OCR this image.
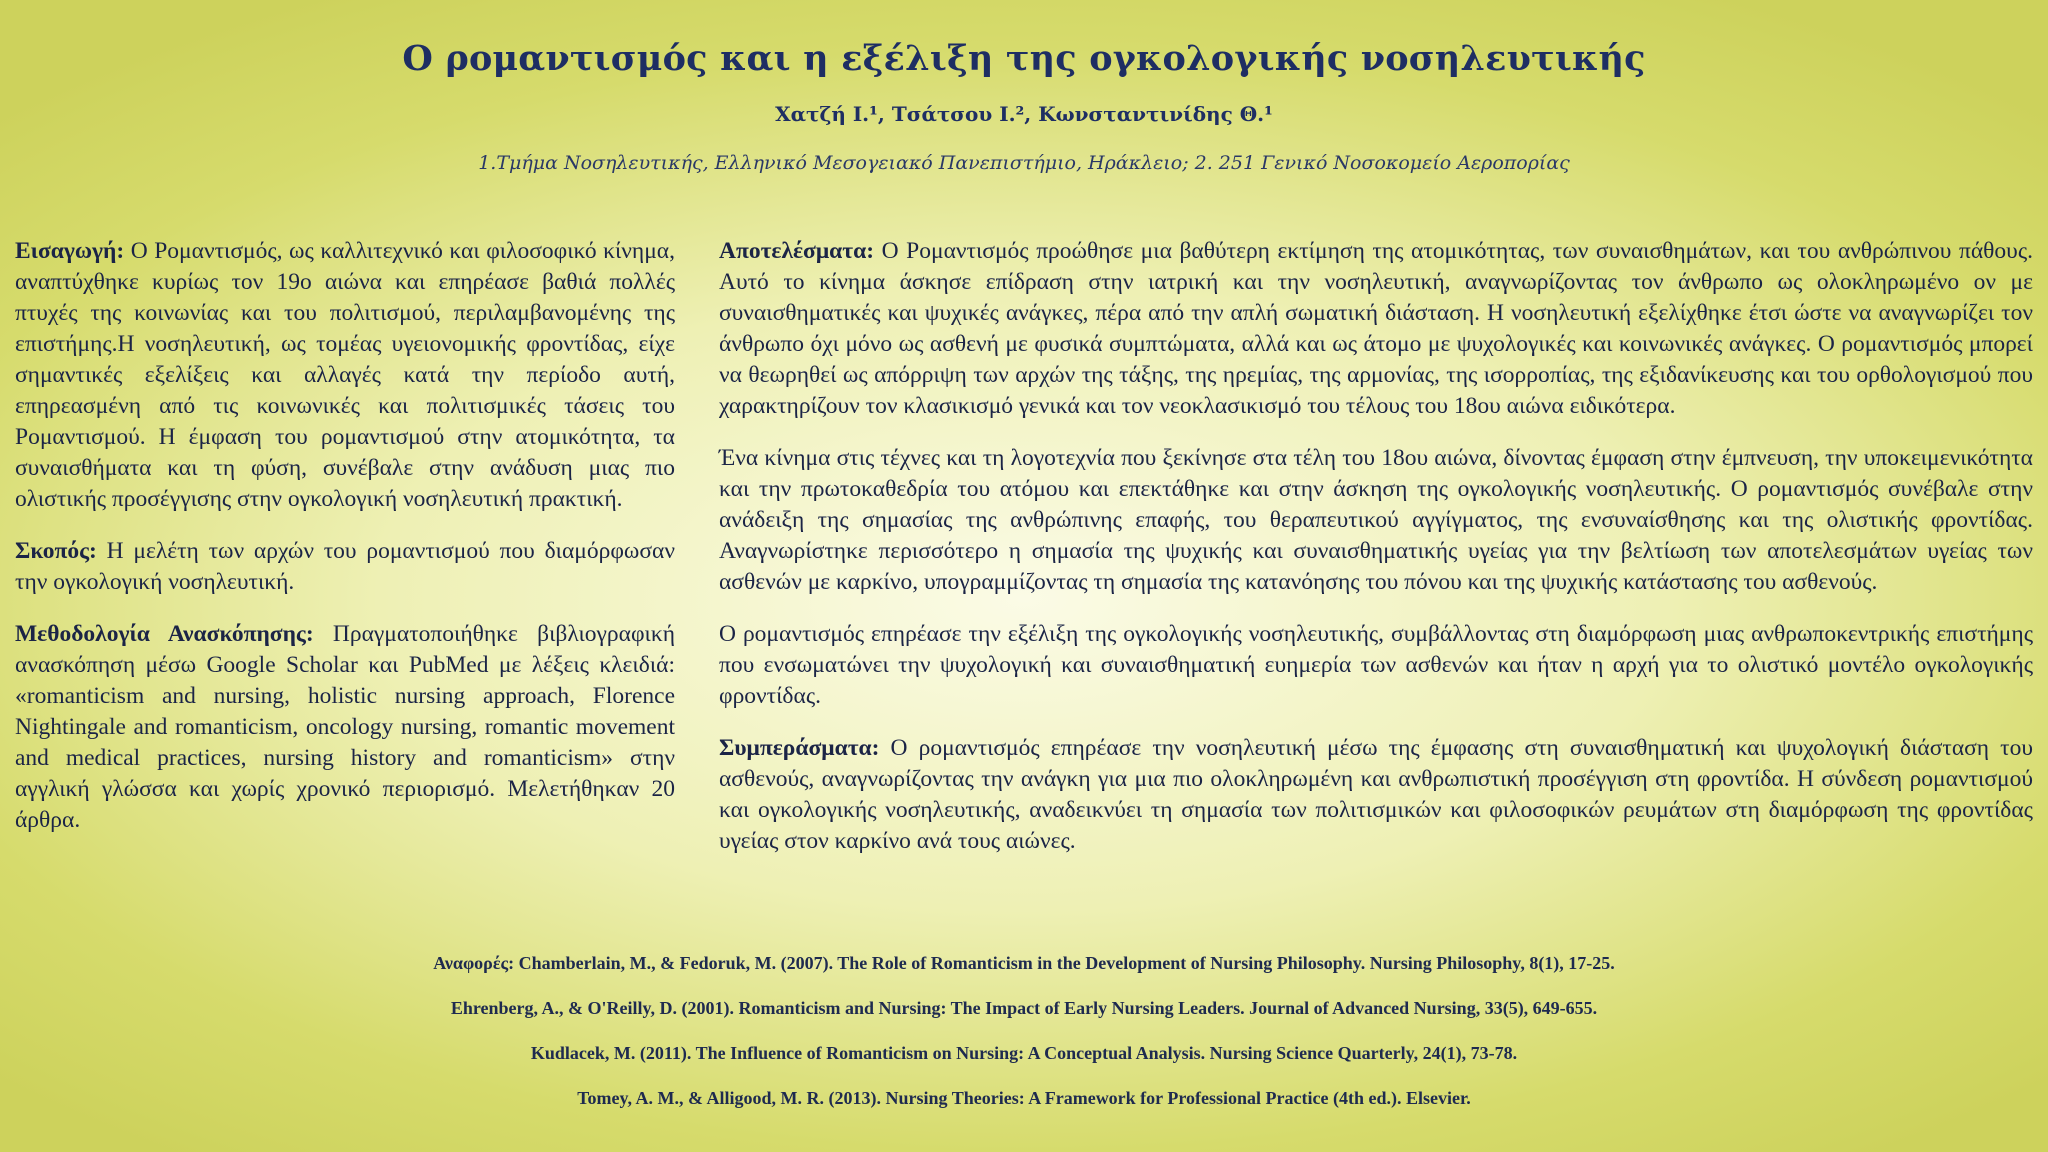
Ο ρομαντισμός και η εξέλιξη της ογκολογικής νοσηλευτικής
Χατζή Ι.¹, Τσάτσου Ι.², Κωνσταντινίδης Θ.¹
1.Τμήμα Νοσηλευτικής, Ελληνικό Μεσογειακό Πανεπιστήμιο, Ηράκλειο; 2. 251 Γενικό Νοσοκομείο Αεροπορίας

Εισαγωγή: Ο Ρομαντισμός, ως καλλιτεχνικό και φιλοσοφικό κίνημα, αναπτύχθηκε κυρίως τον 19ο αιώνα και επηρέασε βαθιά πολλές πτυχές της κοινωνίας και του πολιτισμού, περιλαμβανομένης της επιστήμης.Η νοσηλευτική, ως τομέας υγειονομικής φροντίδας, είχε σημαντικές εξελίξεις και αλλαγές κατά την περίοδο αυτή, επηρεασμένη από τις κοινωνικές και πολιτισμικές τάσεις του Ρομαντισμού. Η έμφαση του ρομαντισμού στην ατομικότητα, τα συναισθήματα και τη φύση, συνέβαλε στην ανάδυση μιας πιο ολιστικής προσέγγισης στην ογκολογική νοσηλευτική πρακτική.

Σκοπός: Η μελέτη των αρχών του ρομαντισμού που διαμόρφωσαν την ογκολογική νοσηλευτική.

Μεθοδολογία Ανασκόπησης: Πραγματοποιήθηκε βιβλιογραφική ανασκόπηση μέσω Google Scholar και PubMed με λέξεις κλειδιά: «romanticism and nursing, holistic nursing approach, Florence Nightingale and romanticism, oncology nursing, romantic movement and medical practices, nursing history and romanticism» στην αγγλική γλώσσα και χωρίς χρονικό περιορισμό. Μελετήθηκαν 20 άρθρα.

Αποτελέσματα: Ο Ρομαντισμός προώθησε μια βαθύτερη εκτίμηση της ατομικότητας, των συναισθημάτων, και του ανθρώπινου πάθους. Αυτό το κίνημα άσκησε επίδραση στην ιατρική και την νοσηλευτική, αναγνωρίζοντας τον άνθρωπο ως ολοκληρωμένο ον με συναισθηματικές και ψυχικές ανάγκες, πέρα από την απλή σωματική διάσταση. Η νοσηλευτική εξελίχθηκε έτσι ώστε να αναγνωρίζει τον άνθρωπο όχι μόνο ως ασθενή με φυσικά συμπτώματα, αλλά και ως άτομο με ψυχολογικές και κοινωνικές ανάγκες. Ο ρομαντισμός μπορεί να θεωρηθεί ως απόρριψη των αρχών της τάξης, της ηρεμίας, της αρμονίας, της ισορροπίας, της εξιδανίκευσης και του ορθολογισμού που χαρακτηρίζουν τον κλασικισμό γενικά και τον νεοκλασικισμό του τέλους του 18ου αιώνα ειδικότερα.

Ένα κίνημα στις τέχνες και τη λογοτεχνία που ξεκίνησε στα τέλη του 18ου αιώνα, δίνοντας έμφαση στην έμπνευση, την υποκειμενικότητα και την πρωτοκαθεδρία του ατόμου και επεκτάθηκε και στην άσκηση της ογκολογικής νοσηλευτικής. Ο ρομαντισμός συνέβαλε στην ανάδειξη της σημασίας της ανθρώπινης επαφής, του θεραπευτικού αγγίγματος, της ενσυναίσθησης και της ολιστικής φροντίδας. Αναγνωρίστηκε περισσότερο η σημασία της ψυχικής και συναισθηματικής υγείας για την βελτίωση των αποτελεσμάτων υγείας των ασθενών με καρκίνο, υπογραμμίζοντας τη σημασία της κατανόησης του πόνου και της ψυχικής κατάστασης του ασθενούς.

Ο ρομαντισμός επηρέασε την εξέλιξη της ογκολογικής νοσηλευτικής, συμβάλλοντας στη διαμόρφωση μιας ανθρωποκεντρικής επιστήμης που ενσωματώνει την ψυχολογική και συναισθηματική ευημερία των ασθενών και ήταν η αρχή για το ολιστικό μοντέλο ογκολογικής φροντίδας.

Συμπεράσματα: Ο ρομαντισμός επηρέασε την νοσηλευτική μέσω της έμφασης στη συναισθηματική και ψυχολογική διάσταση του ασθενούς, αναγνωρίζοντας την ανάγκη για μια πιο ολοκληρωμένη και ανθρωπιστική προσέγγιση στη φροντίδα. Η σύνδεση ρομαντισμού και ογκολογικής νοσηλευτικής, αναδεικνύει τη σημασία των πολιτισμικών και φιλοσοφικών ρευμάτων στη διαμόρφωση της φροντίδας υγείας στον καρκίνο ανά τους αιώνες.

Αναφορές: Chamberlain, M., & Fedoruk, M. (2007). The Role of Romanticism in the Development of Nursing Philosophy. Nursing Philosophy, 8(1), 17-25.
Ehrenberg, A., & O'Reilly, D. (2001). Romanticism and Nursing: The Impact of Early Nursing Leaders. Journal of Advanced Nursing, 33(5), 649-655.
Kudlacek, M. (2011). The Influence of Romanticism on Nursing: A Conceptual Analysis. Nursing Science Quarterly, 24(1), 73-78.
Tomey, A. M., & Alligood, M. R. (2013). Nursing Theories: A Framework for Professional Practice (4th ed.). Elsevier.
